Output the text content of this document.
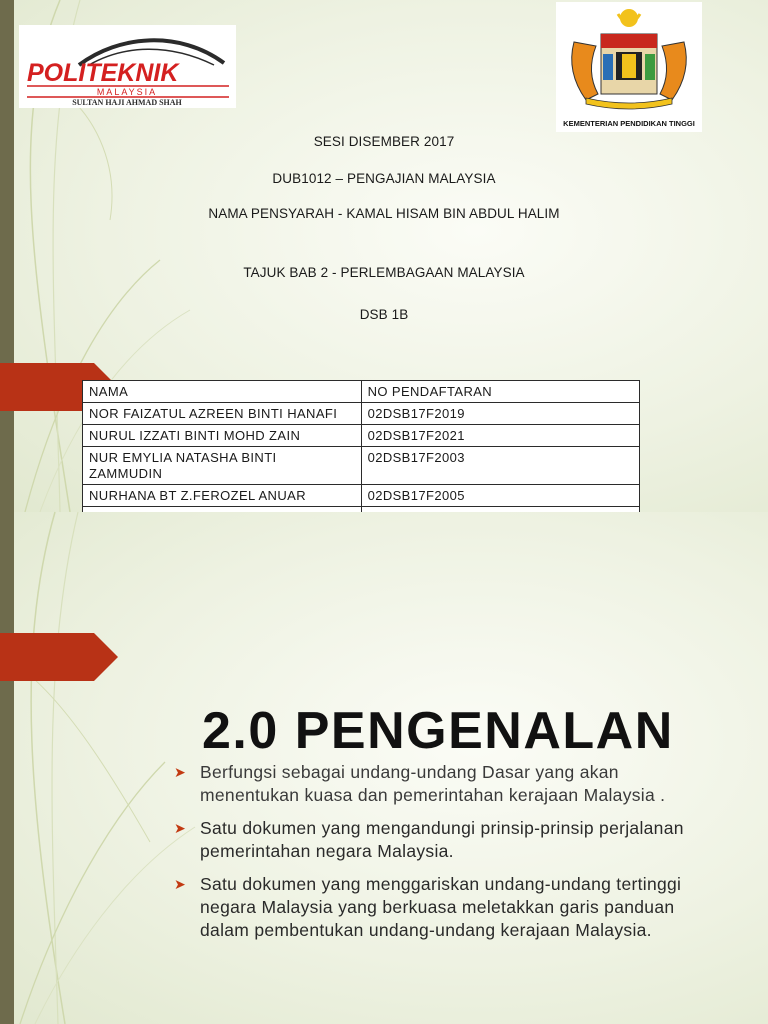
POLITEKNIK
MALAYSIA
SULTAN HAJI AHMAD SHAH
KEMENTERIAN PENDIDIKAN TINGGI
SESI DISEMBER 2017
DUB1012 – PENGAJIAN MALAYSIA
NAMA PENSYARAH - KAMAL HISAM BIN ABDUL HALIM
TAJUK BAB 2 - PERLEMBAGAAN MALAYSIA
DSB 1B
NAMA	NO PENDAFTARAN
NOR FAIZATUL AZREEN BINTI HANAFI	02DSB17F2019
NURUL IZZATI BINTI MOHD ZAIN	02DSB17F2021
NUR EMYLIA NATASHA BINTI ZAMMUDIN	02DSB17F2003
NURHANA BT Z.FEROZEL ANUAR	02DSB17F2005

2.0 PENGENALAN
➤ Berfungsi sebagai undang-undang Dasar yang akan menentukan kuasa dan pemerintahan kerajaan Malaysia .
➤ Satu dokumen yang mengandungi prinsip-prinsip perjalanan pemerintahan negara Malaysia.
➤ Satu dokumen yang menggariskan undang-undang tertinggi negara Malaysia yang berkuasa meletakkan garis panduan dalam pembentukan undang-undang kerajaan Malaysia.
